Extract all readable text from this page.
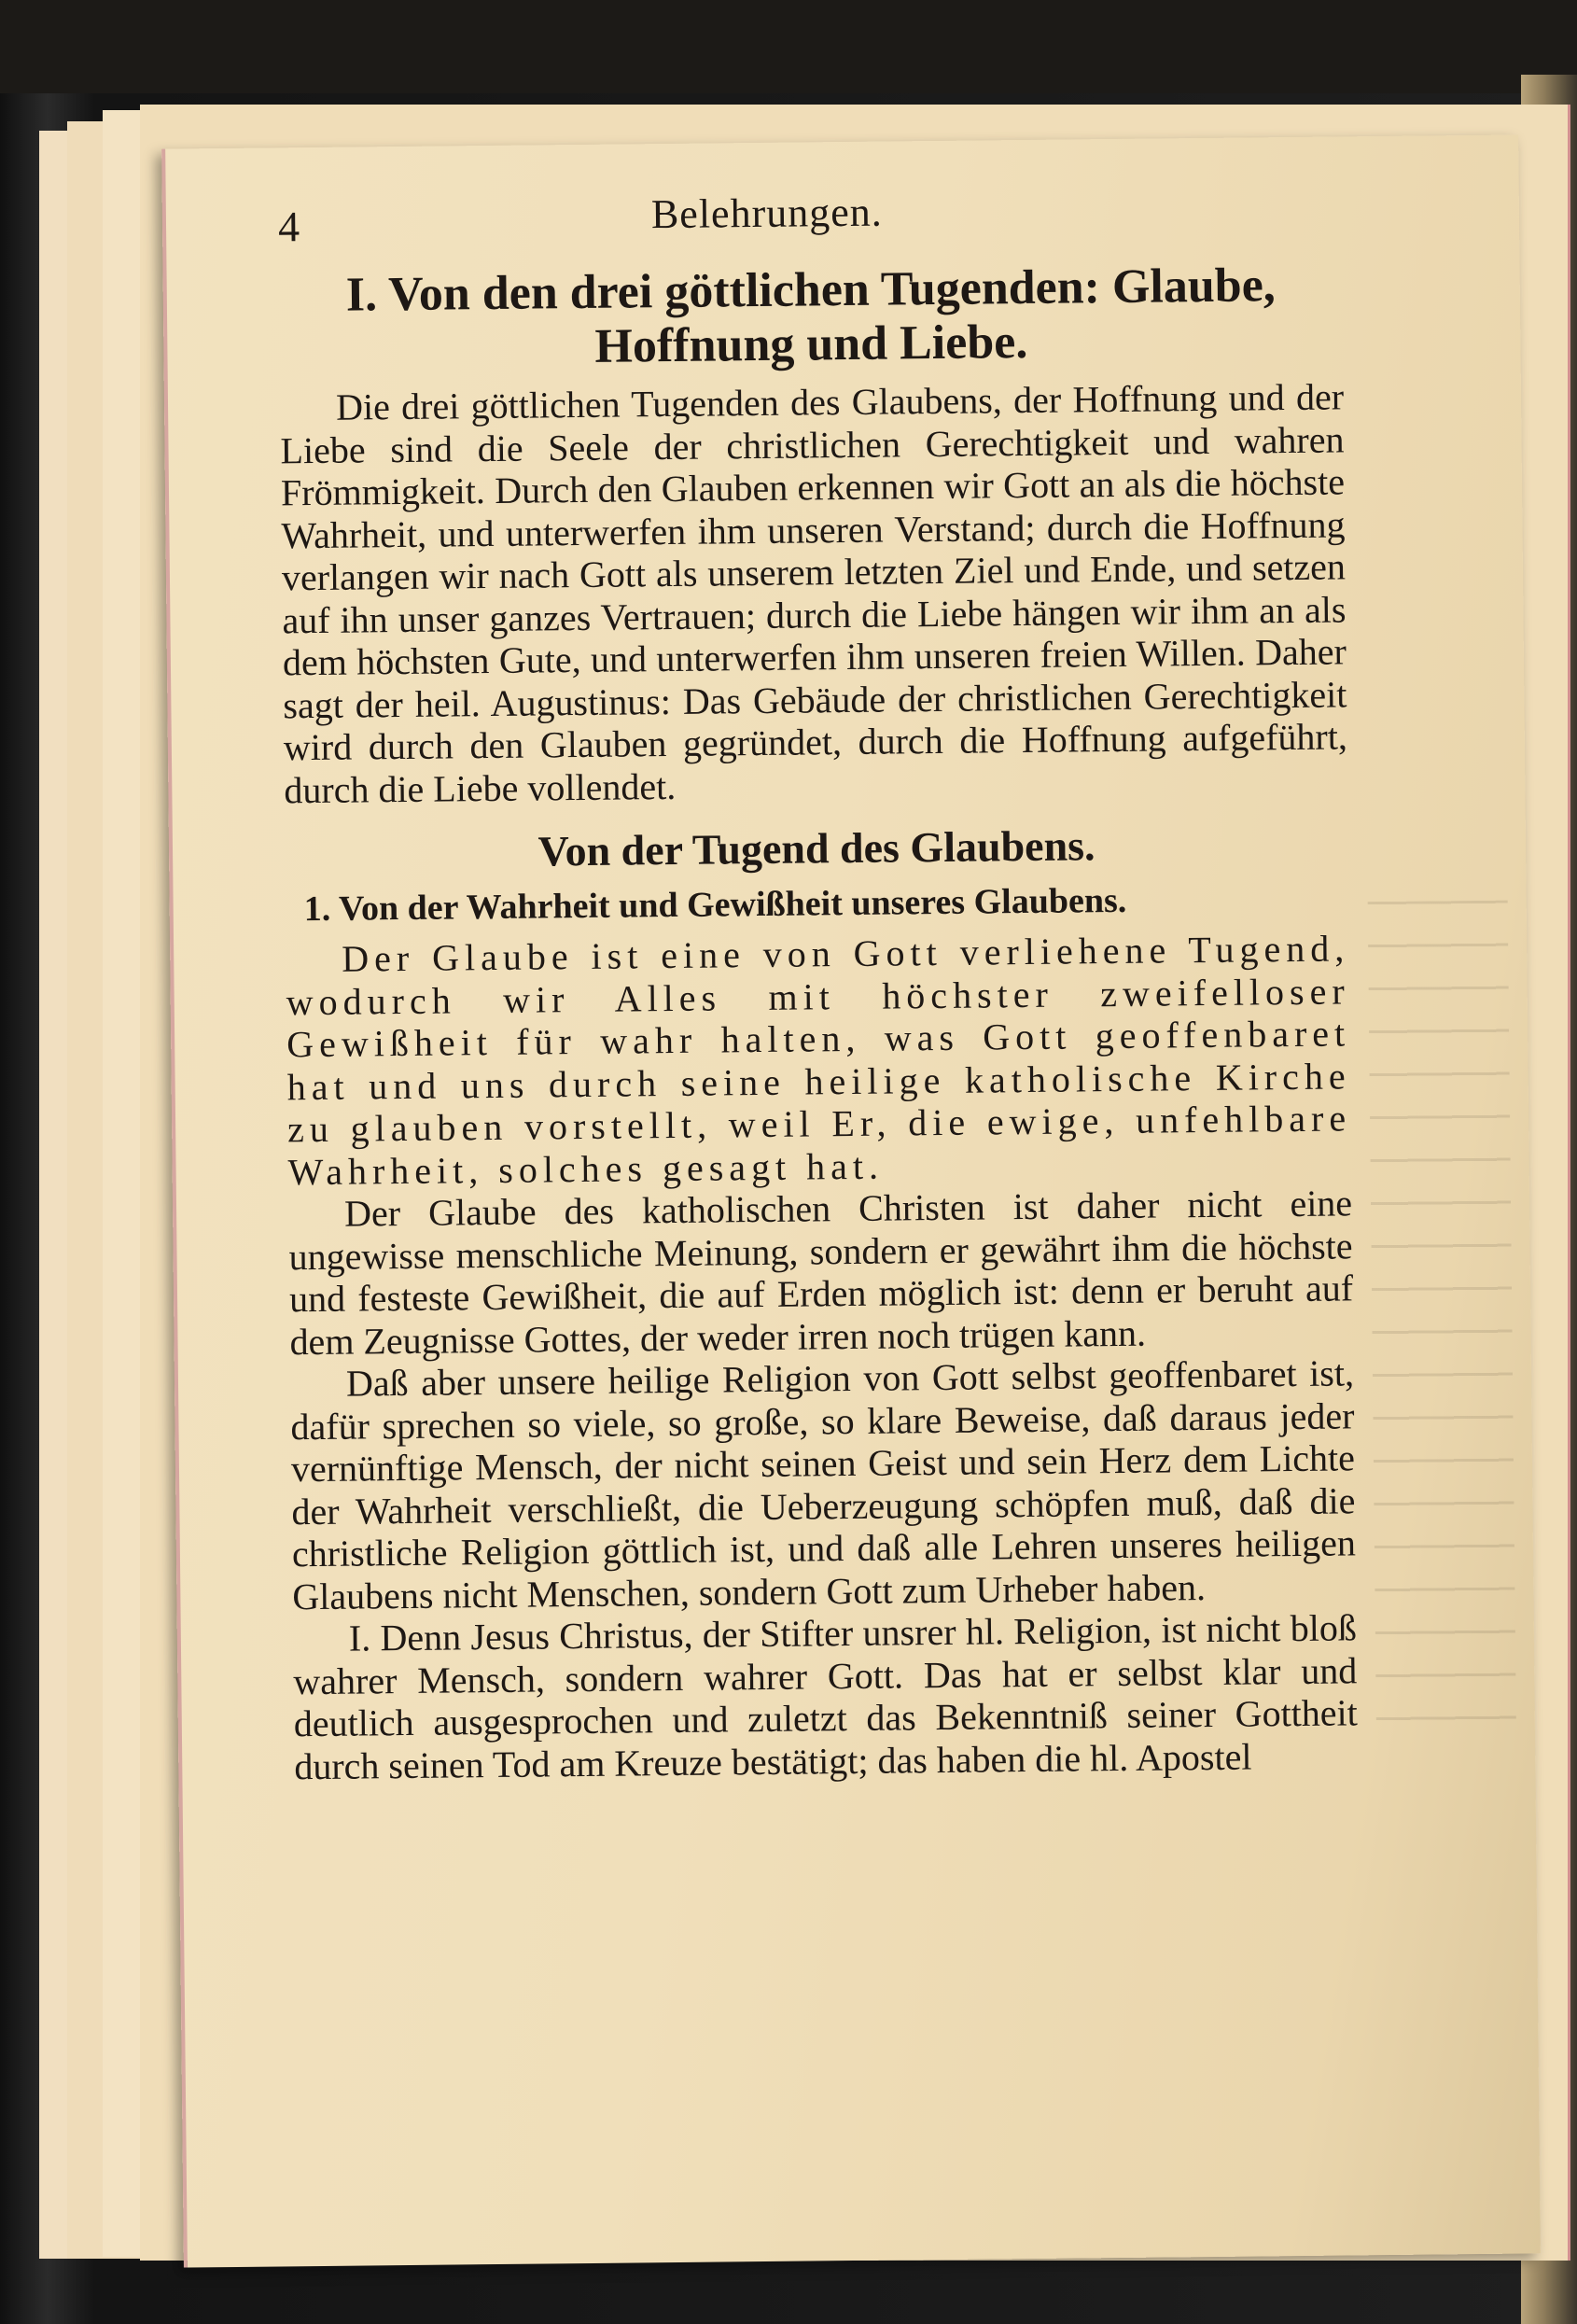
4	Belehrungen.
I. Von den drei göttlichen Tugenden: Glaube, Hoffnung und Liebe.

Die drei göttlichen Tugenden des Glaubens, der Hoffnung und der Liebe sind die Seele der christlichen Gerechtigkeit und wahren Frömmigkeit. Durch den Glauben erkennen wir Gott an als die höchste Wahrheit, und unterwerfen ihm unseren Verstand; durch die Hoffnung verlangen wir nach Gott als unserem letzten Ziel und Ende, und setzen auf ihn unser ganzes Vertrauen; durch die Liebe hängen wir ihm an als dem höchsten Gute, und unterwerfen ihm unseren freien Willen. Daher sagt der heil. Augustinus: Das Gebäude der christlichen Gerechtigkeit wird durch den Glauben gegründet, durch die Hoffnung aufgeführt, durch die Liebe vollendet.

Von der Tugend des Glaubens.
1. Von der Wahrheit und Gewißheit unseres Glaubens.

Der Glaube ist eine von Gott verliehene Tugend, wodurch wir Alles mit höchster zweifelloser Gewißheit für wahr halten, was Gott geoffenbaret hat und uns durch seine heilige katholische Kirche zu glauben vorstellt, weil Er, die ewige, unfehlbare Wahrheit, solches gesagt hat.

Der Glaube des katholischen Christen ist daher nicht eine ungewisse menschliche Meinung, sondern er gewährt ihm die höchste und festeste Gewißheit, die auf Erden möglich ist: denn er beruht auf dem Zeugnisse Gottes, der weder irren noch trügen kann.

Daß aber unsere heilige Religion von Gott selbst geoffenbaret ist, dafür sprechen so viele, so große, so klare Beweise, daß daraus jeder vernünftige Mensch, der nicht seinen Geist und sein Herz dem Lichte der Wahrheit verschließt, die Ueberzeugung schöpfen muß, daß die christliche Religion göttlich ist, und daß alle Lehren unseres heiligen Glaubens nicht Menschen, sondern Gott zum Urheber haben.

I. Denn Jesus Christus, der Stifter unsrer hl. Religion, ist nicht bloß wahrer Mensch, sondern wahrer Gott. Das hat er selbst klar und deutlich ausgesprochen und zuletzt das Bekenntniß seiner Gottheit durch seinen Tod am Kreuze bestätigt; das haben die hl. Apostel
